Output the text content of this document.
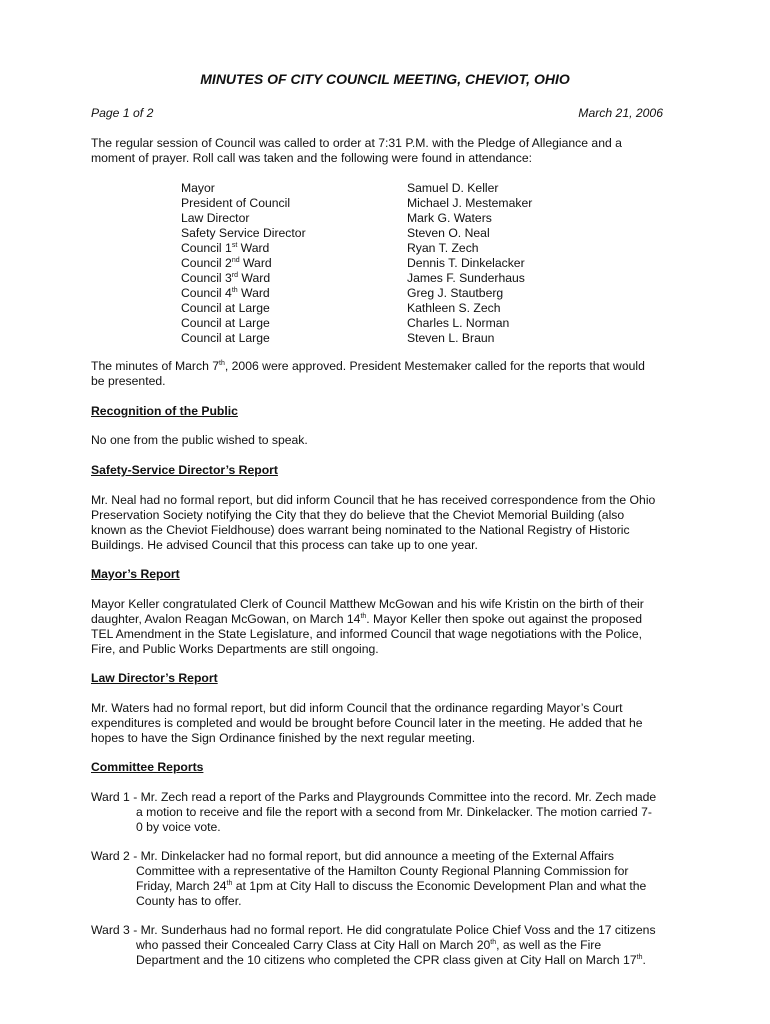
MINUTES OF CITY COUNCIL MEETING, CHEVIOT, OHIO
Page 1 of 2	March 21, 2006
The regular session of Council was called to order at 7:31 P.M. with the Pledge of Allegiance and a
moment of prayer. Roll call was taken and the following were found in attendance:
Mayor	Samuel D. Keller
President of Council	Michael J. Mestemaker
Law Director	Mark G. Waters
Safety Service Director	Steven O. Neal
Council 1st Ward	Ryan T. Zech
Council 2nd Ward	Dennis T. Dinkelacker
Council 3rd Ward	James F. Sunderhaus
Council 4th Ward	Greg J. Stautberg
Council at Large	Kathleen S. Zech
Council at Large	Charles L. Norman
Council at Large	Steven L. Braun
The minutes of March 7th, 2006 were approved. President Mestemaker called for the reports that would
be presented.
Recognition of the Public
No one from the public wished to speak.
Safety-Service Director’s Report
Mr. Neal had no formal report, but did inform Council that he has received correspondence from the Ohio
Preservation Society notifying the City that they do believe that the Cheviot Memorial Building (also
known as the Cheviot Fieldhouse) does warrant being nominated to the National Registry of Historic
Buildings. He advised Council that this process can take up to one year.
Mayor’s Report
Mayor Keller congratulated Clerk of Council Matthew McGowan and his wife Kristin on the birth of their
daughter, Avalon Reagan McGowan, on March 14th. Mayor Keller then spoke out against the proposed
TEL Amendment in the State Legislature, and informed Council that wage negotiations with the Police,
Fire, and Public Works Departments are still ongoing.
Law Director’s Report
Mr. Waters had no formal report, but did inform Council that the ordinance regarding Mayor’s Court
expenditures is completed and would be brought before Council later in the meeting. He added that he
hopes to have the Sign Ordinance finished by the next regular meeting.
Committee Reports
Ward 1 - Mr. Zech read a report of the Parks and Playgrounds Committee into the record. Mr. Zech made
a motion to receive and file the report with a second from Mr. Dinkelacker. The motion carried 7-
0 by voice vote.
Ward 2 - Mr. Dinkelacker had no formal report, but did announce a meeting of the External Affairs
Committee with a representative of the Hamilton County Regional Planning Commission for
Friday, March 24th at 1pm at City Hall to discuss the Economic Development Plan and what the
County has to offer.
Ward 3 - Mr. Sunderhaus had no formal report. He did congratulate Police Chief Voss and the 17 citizens
who passed their Concealed Carry Class at City Hall on March 20th, as well as the Fire
Department and the 10 citizens who completed the CPR class given at City Hall on March 17th.
